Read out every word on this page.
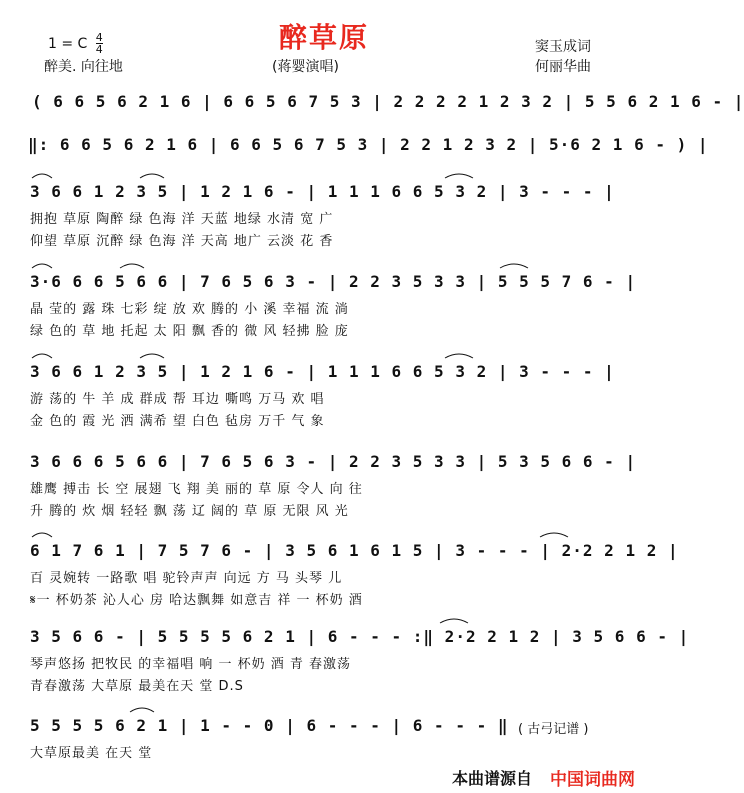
醉草原
1 = C $\frac{4}{4}$
醉美. 向往地	(蒋婴演唱)
窦玉成词
何丽华曲
( 6 6 5 6 2 1 6 | 6 6 5 6 7 5 3 | 2 2 2 2 1 2 3 2 | 5 5 6 2 1 6 - |
‖: 6 6 5 6 2 1 6 | 6 6 5 6 7 5 3 | 2 2 1 2 3 2 | 5·6 2 1 6 - ) |
3 6 6 1 2 3 5 | 1 2 1 6 - | 1 1 1 6 6 5 3 2 | 3 - - - |
拥抱 草原 陶醉 绿 色海 洋 天蓝 地绿 水清 宽 广
仰望 草原 沉醉 绿 色海 洋 天高 地广 云淡 花 香
3·6 6 6 5 6 6 | 7 6 5 6 3 - | 2 2 3 5 3 3 | 5 5 5 7 6 - |
晶 莹的 露 珠 七彩 绽 放 欢 腾的 小 溪 幸福 流 淌
绿 色的 草 地 托起 太 阳 飘 香的 微 风 轻拂 脸 庞
3 6 6 1 2 3 5 | 1 2 1 6 - | 1 1 1 6 6 5 3 2 | 3 - - - |
游 荡的 牛 羊 成 群成 帮 耳边 嘶鸣 万马 欢 唱
金 色的 霞 光 洒 满希 望 白色 毡房 万千 气 象
3 6 6 6 5 6 6 | 7 6 5 6 3 - | 2 2 3 5 3 3 | 5 3 5 6 6 - |
雄鹰 搏击 长 空 展翅 飞 翔 美 丽的 草 原 令人 向 往
升 腾的 炊 烟 轻轻 飘 荡 辽 阔的 草 原 无限 风 光
6 1 7 6 1 | 7 5 7 6 - | 3 5 6 1 6 1 5 | 3 - - - | 2·2 2 1 2 |
百 灵婉转 一路歌 唱 驼铃声声 向远 方 马 头琴 儿
𝄋一 杯奶茶 沁人心 房 哈达飘舞 如意吉 祥 一 杯奶 酒
3 5 6 6 - | 5 5 5 5 6 2 1 | 6 - - - :‖ 2·2 2 1 2 | 3 5 6 6 - |
琴声悠扬 把牧民 的幸福唱 响 一 杯奶 酒 青 春激荡
青春激荡 大草原 最美在天 堂 D.S
5 5 5 5 6 2 1 | 1 - - 0 | 6 - - - | 6 - - - ‖
大草原最美 在天 堂
( 古弓记谱 )
本曲谱源自 中国词曲网
